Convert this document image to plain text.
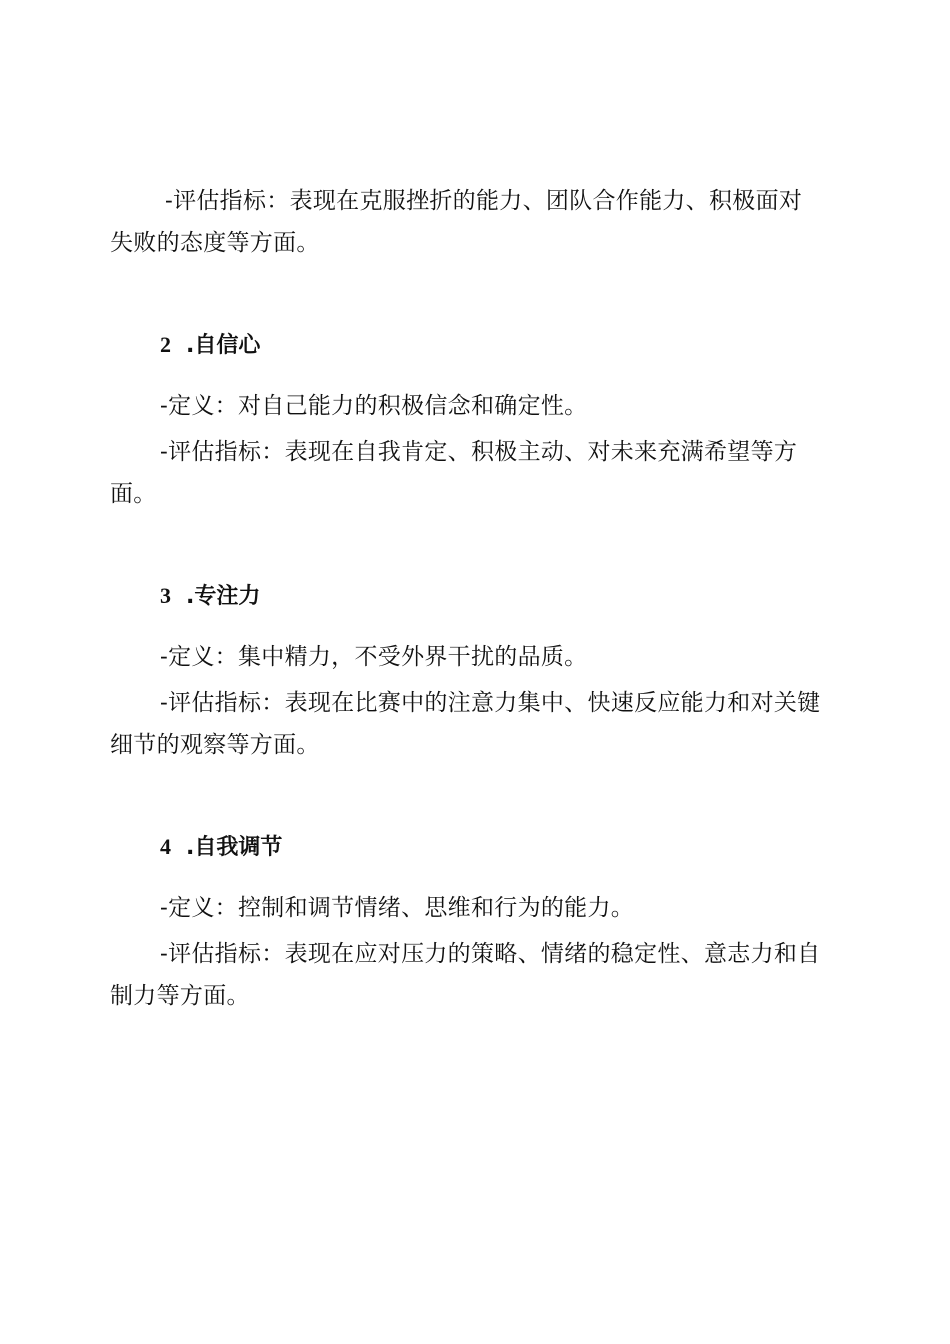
-评估指标：表现在克服挫折的能力、团队合作能力、积极面对失败的态度等方面。

2 .自信心

-定义：对自己能力的积极信念和确定性。

-评估指标：表现在自我肯定、积极主动、对未来充满希望等方面。

3 .专注力

-定义：集中精力，不受外界干扰的品质。

-评估指标：表现在比赛中的注意力集中、快速反应能力和对关键细节的观察等方面。

4 .自我调节

-定义：控制和调节情绪、思维和行为的能力。

-评估指标：表现在应对压力的策略、情绪的稳定性、意志力和自制力等方面。
